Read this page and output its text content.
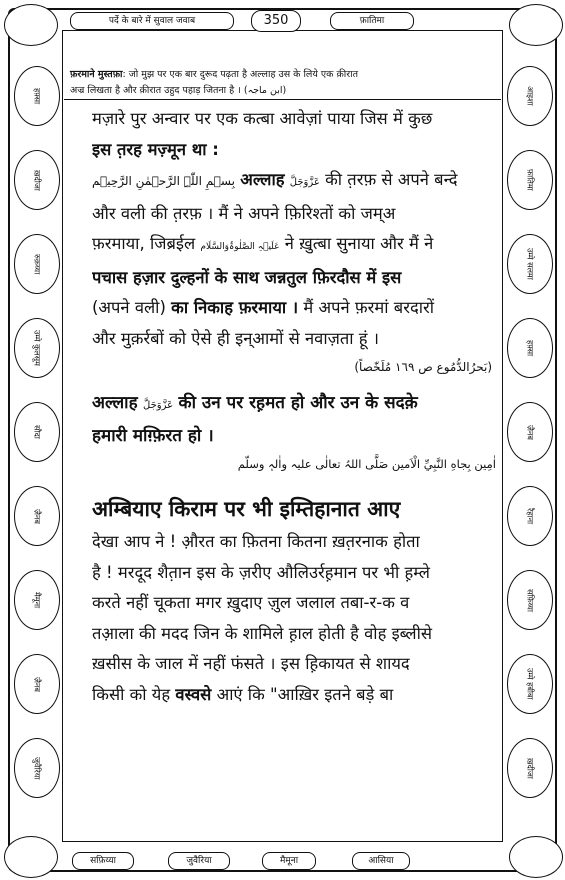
पर्दे के बारे में सुवाल जवाब	350	फ़ातिमा
फ़रमाने मुस्तफ़ा: जो मुझ पर एक बार दुरूद पढ़ता है अल्लाह उस के लिये एक क़ीरात
अज्र लिखता है और क़ीरात उहुद पहाड़ जितना है । (ابن ماجہ)
हफ़्सा
ख़दीजा
रुक़य्या
उम्मे कुलसूम
सौदा
ज़ैनब
मैमूना
ज़ैनब
जुवैरिया
आइशा
फ़ातिमा
उम्मे सलमा
हफ़्सा
ज़ैनब
रैहाना
सफ़िय्या
उम्मे हबीबा
ख़दीजा

मज़ारे पुर अन्वार पर एक कत्बा आवेज़ां पाया जिस में कुछ

इस त़रह मज़्मून था :

بِسۡمِ اللّٰہِ الرَّحۡمٰنِ الرَّحِیۡم अल्लाह عَزَّوَجَلَّ की त़रफ़ से अपने बन्दे

और वली की त़रफ़ । मैं ने अपने फ़िरिश्तों को जम्अ

फ़रमाया, जिब्रईल عَلَیۡہِ الصَّلٰوۃُوَالسَّلَام ने ख़ुत्बा सुनाया और मैं ने

पचास हज़ार दुल्हनों के साथ जन्नतुल फ़िरदौस में इस

(अपने वली) का निकाह फ़रमाया । मैं अपने फ़रमां बरदारों

और मुक़र्रबों को ऐसे ही इन्आमों से नवाज़ता हूं ।

(بَحرُالدُّمُوع ص ١٦٩ مُلَخّصاً)

अल्लाह عَزَّوَجَلَّ की उन पर रह़मत हो और उन के सदक़े

हमारी मग़्फ़िरत हो ।

اٰمِين بِجاهِ النَّبِيِّ الْاَمين صَلَّی اللہُ تعالٰی علیہ واٰلہٖ وسلّم
अम्बियाए किराम पर भी इम्तिहानात आए

देखा आप ने ! औ़रत का फ़ितना कितना ख़त़रनाक होता

है ! मरदूद शैत़ान इस के ज़रीए औलिउर्रह़मान पर भी ह़म्ले

करते नहीं चूकता मगर ख़ुदाए ज़ुल जलाल तबा-र-क व

तआ़ला की मदद जिन के शामिले ह़ाल होती है वोह इब्लीसे

ख़सीस के जाल में नहीं फंसते । इस ह़िकायत से शायद

किसी को येह वस्वसे आएं कि "आख़िर इतने बड़े बा

सफ़िय्या	जुवैरिया	मैमूना	आसिया
